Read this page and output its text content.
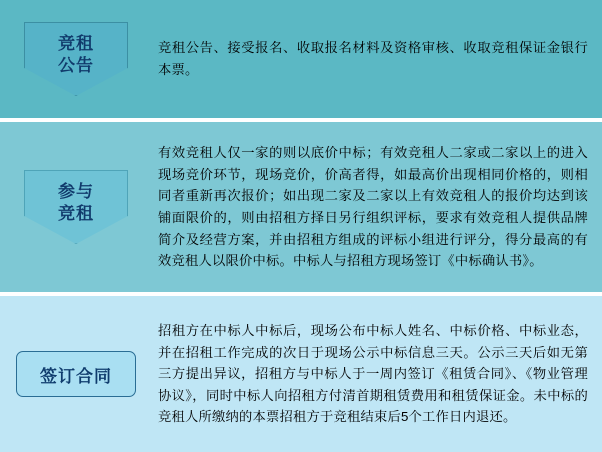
竞租
公告
竞租公告、接受报名、收取报名材料及资格审核、收取竞租保证金银行本票。
参与
竞租
有效竞租人仅一家的则以底价中标；有效竞租人二家或二家以上的进入现场竞价环节，现场竞价，价高者得，如最高价出现相同价格的，则相同者重新再次报价；如出现二家及二家以上有效竞租人的报价均达到该铺面限价的，则由招租方择日另行组织评标，要求有效竞租人提供品牌简介及经营方案，并由招租方组成的评标小组进行评分，得分最高的有效竞租人以限价中标。中标人与招租方现场签订《中标确认书》。
签订合同
招租方在中标人中标后，现场公布中标人姓名、中标价格、中标业态，并在招租工作完成的次日于现场公示中标信息三天。公示三天后如无第三方提出异议，招租方与中标人于一周内签订《租赁合同》、《物业管理协议》，同时中标人向招租方付清首期租赁费用和租赁保证金。未中标的竞租人所缴纳的本票招租方于竞租结束后5个工作日内退还。
